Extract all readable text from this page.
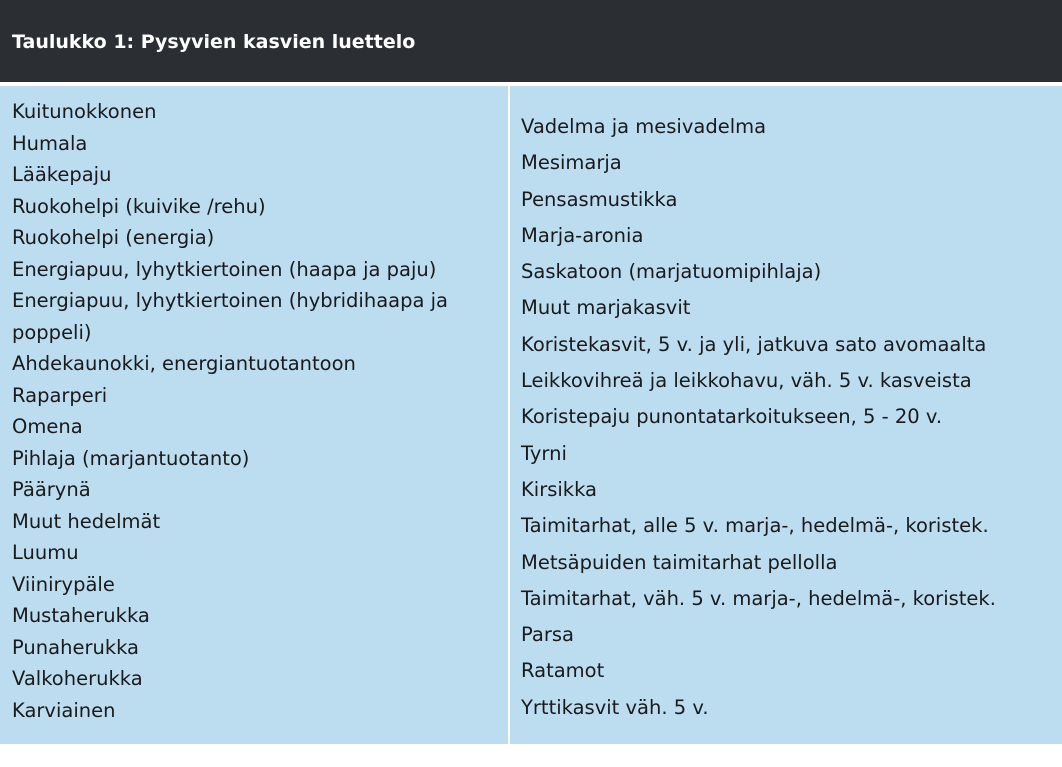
Taulukko 1: Pysyvien kasvien luettelo
Kuitunokkonen
Humala
Lääkepaju
Ruokohelpi (kuivike /rehu)
Ruokohelpi (energia)
Energiapuu, lyhytkiertoinen (haapa ja paju)
Energiapuu, lyhytkiertoinen (hybridihaapa ja poppeli)
Ahdekaunokki, energiantuotantoon
Raparperi
Omena
Pihlaja (marjantuotanto)
Päärynä
Muut hedelmät
Luumu
Viinirypäle
Mustaherukka
Punaherukka
Valkoherukka
Karviainen
Vadelma ja mesivadelma
Mesimarja
Pensasmustikka
Marja-aronia
Saskatoon (marjatuomipihlaja)
Muut marjakasvit
Koristekasvit, 5 v. ja yli, jatkuva sato avomaalta
Leikkovihreä ja leikkohavu, väh. 5 v. kasveista
Koristepaju punontatarkoitukseen, 5 - 20 v.
Tyrni
Kirsikka
Taimitarhat, alle 5 v. marja-, hedelmä-, koristek.
Metsäpuiden taimitarhat pellolla
Taimitarhat, väh. 5 v. marja-, hedelmä-, koristek.
Parsa
Ratamot
Yrttikasvit väh. 5 v.
